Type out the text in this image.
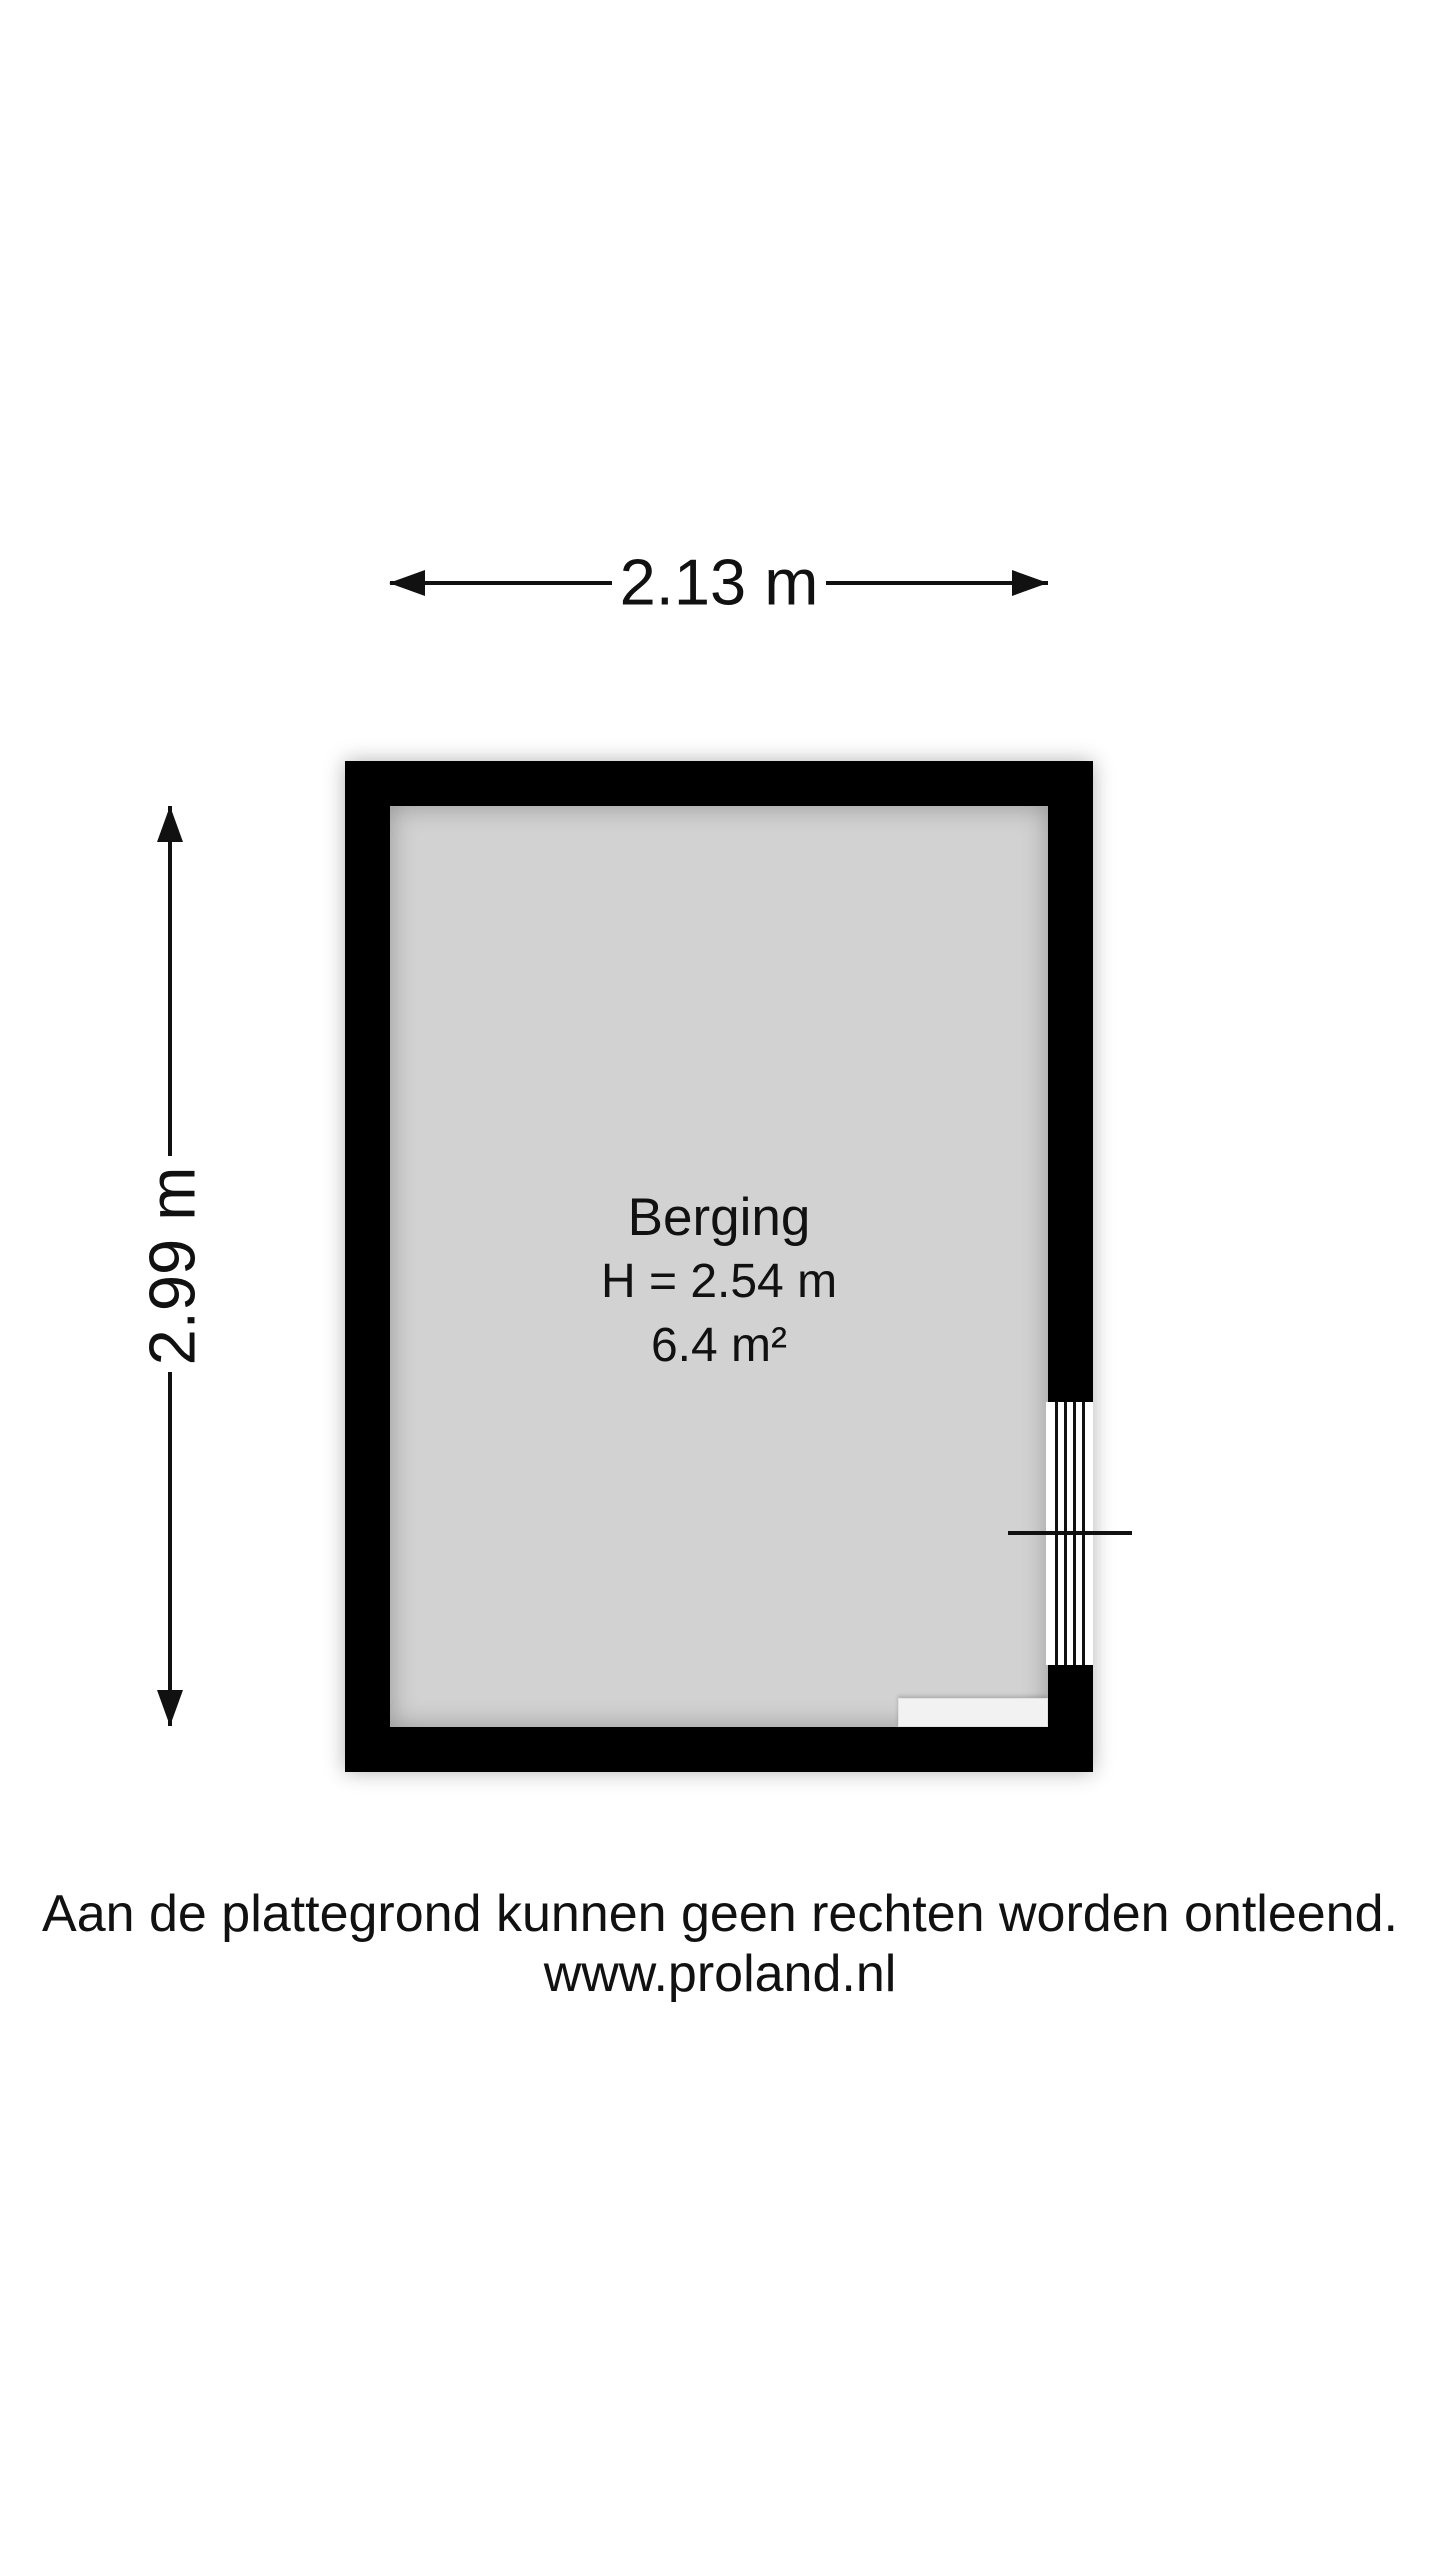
2.13 m
2.99 m	Berging
H = 2.54 m
6.4 m²
Aan de plattegrond kunnen geen rechten worden ontleend.
www.proland.nl
